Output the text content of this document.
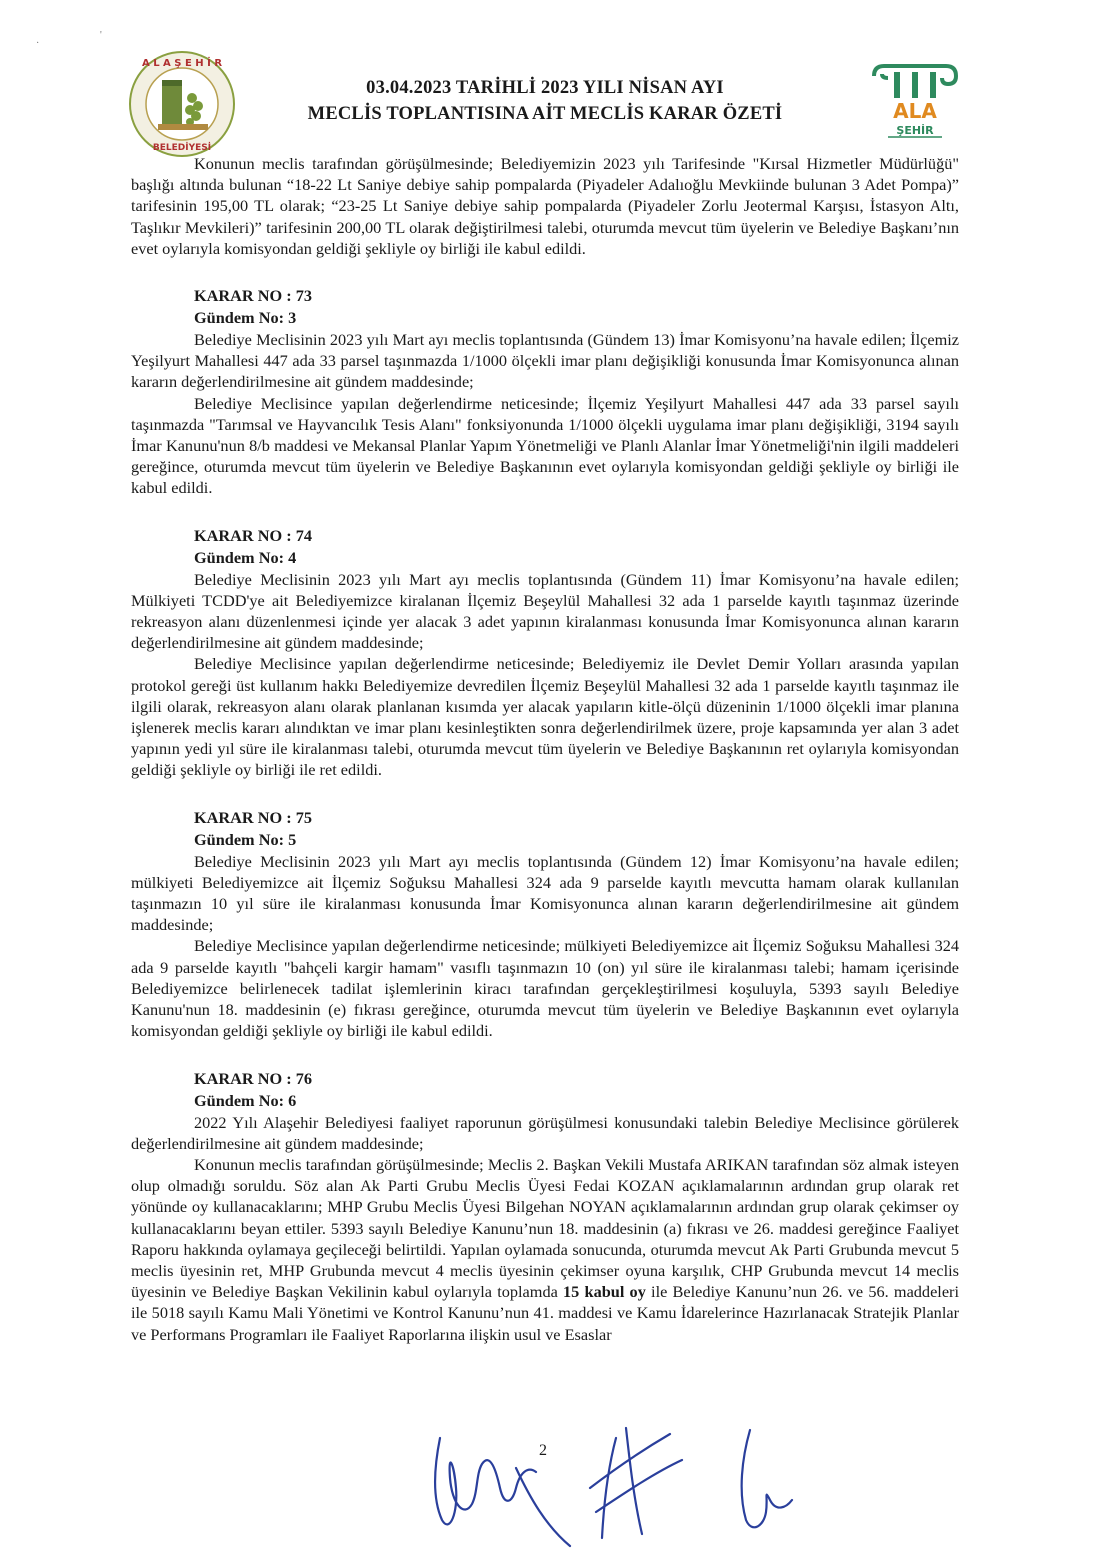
A L A Ş E H İ R
BELEDİYESİ
03.04.2023 TARİHLİ 2023 YILI NİSAN AYI
MECLİS TOPLANTISINA AİT MECLİS KARAR ÖZETİ	ALA
ŞEHİR
·
'

Konunun meclis tarafından görüşülmesinde; Belediyemizin 2023 yılı Tarifesinde "Kırsal Hizmetler Müdürlüğü" başlığı altında bulunan “18-22 Lt Saniye debiye sahip pompalarda (Piyadeler Adalıoğlu Mevkiinde bulunan 3 Adet Pompa)” tarifesinin 195,00 TL olarak; “23-25 Lt Saniye debiye sahip pompalarda (Piyadeler Zorlu Jeotermal Karşısı, İstasyon Altı, Taşlıkır Mevkileri)” tarifesinin 200,00 TL olarak değiştirilmesi talebi, oturumda mevcut tüm üyelerin ve Belediye Başkanı’nın evet oylarıyla komisyondan geldiği şekliyle oy birliği ile kabul edildi.

KARAR NO : 73
Gündem No: 3

Belediye Meclisinin 2023 yılı Mart ayı meclis toplantısında (Gündem 13) İmar Komisyonu’na havale edilen; İlçemiz Yeşilyurt Mahallesi 447 ada 33 parsel taşınmazda 1/1000 ölçekli imar planı değişikliği konusunda İmar Komisyonunca alınan kararın değerlendirilmesine ait gündem maddesinde;

Belediye Meclisince yapılan değerlendirme neticesinde; İlçemiz Yeşilyurt Mahallesi 447 ada 33 parsel sayılı taşınmazda "Tarımsal ve Hayvancılık Tesis Alanı" fonksiyonunda 1/1000 ölçekli uygulama imar planı değişikliği, 3194 sayılı İmar Kanunu'nun 8/b maddesi ve Mekansal Planlar Yapım Yönetmeliği ve Planlı Alanlar İmar Yönetmeliği'nin ilgili maddeleri gereğince, oturumda mevcut tüm üyelerin ve Belediye Başkanının evet oylarıyla komisyondan geldiği şekliyle oy birliği ile kabul edildi.

KARAR NO : 74
Gündem No: 4

Belediye Meclisinin 2023 yılı Mart ayı meclis toplantısında (Gündem 11) İmar Komisyonu’na havale edilen; Mülkiyeti TCDD'ye ait Belediyemizce kiralanan İlçemiz Beşeylül Mahallesi 32 ada 1 parselde kayıtlı taşınmaz üzerinde rekreasyon alanı düzenlenmesi içinde yer alacak 3 adet yapının kiralanması konusunda İmar Komisyonunca alınan kararın değerlendirilmesine ait gündem maddesinde;

Belediye Meclisince yapılan değerlendirme neticesinde; Belediyemiz ile Devlet Demir Yolları arasında yapılan protokol gereği üst kullanım hakkı Belediyemize devredilen İlçemiz Beşeylül Mahallesi 32 ada 1 parselde kayıtlı taşınmaz ile ilgili olarak, rekreasyon alanı olarak planlanan kısımda yer alacak yapıların kitle-ölçü düzeninin 1/1000 ölçekli imar planına işlenerek meclis kararı alındıktan ve imar planı kesinleştikten sonra değerlendirilmek üzere, proje kapsamında yer alan 3 adet yapının yedi yıl süre ile kiralanması talebi, oturumda mevcut tüm üyelerin ve Belediye Başkanının ret oylarıyla komisyondan geldiği şekliyle oy birliği ile ret edildi.

KARAR NO : 75
Gündem No: 5

Belediye Meclisinin 2023 yılı Mart ayı meclis toplantısında (Gündem 12) İmar Komisyonu’na havale edilen; mülkiyeti Belediyemizce ait İlçemiz Soğuksu Mahallesi 324 ada 9 parselde kayıtlı mevcutta hamam olarak kullanılan taşınmazın 10 yıl süre ile kiralanması konusunda İmar Komisyonunca alınan kararın değerlendirilmesine ait gündem maddesinde;

Belediye Meclisince yapılan değerlendirme neticesinde; mülkiyeti Belediyemizce ait İlçemiz Soğuksu Mahallesi 324 ada 9 parselde kayıtlı "bahçeli kargir hamam" vasıflı taşınmazın 10 (on) yıl süre ile kiralanması talebi; hamam içerisinde Belediyemizce belirlenecek tadilat işlemlerinin kiracı tarafından gerçekleştirilmesi koşuluyla, 5393 sayılı Belediye Kanunu'nun 18. maddesinin (e) fıkrası gereğince, oturumda mevcut tüm üyelerin ve Belediye Başkanının evet oylarıyla komisyondan geldiği şekliyle oy birliği ile kabul edildi.

KARAR NO : 76
Gündem No: 6

2022 Yılı Alaşehir Belediyesi faaliyet raporunun görüşülmesi konusundaki talebin Belediye Meclisince görülerek değerlendirilmesine ait gündem maddesinde;

Konunun meclis tarafından görüşülmesinde; Meclis 2. Başkan Vekili Mustafa ARIKAN tarafından söz almak isteyen olup olmadığı soruldu. Söz alan Ak Parti Grubu Meclis Üyesi Fedai KOZAN açıklamalarının ardından grup olarak ret yönünde oy kullanacaklarını; MHP Grubu Meclis Üyesi Bilgehan NOYAN açıklamalarının ardından grup olarak çekimser oy kullanacaklarını beyan ettiler. 5393 sayılı Belediye Kanunu’nun 18. maddesinin (a) fıkrası ve 26. maddesi gereğince Faaliyet Raporu hakkında oylamaya geçileceği belirtildi. Yapılan oylamada sonucunda, oturumda mevcut Ak Parti Grubunda mevcut 5 meclis üyesinin ret, MHP Grubunda mevcut 4 meclis üyesinin çekimser oyuna karşılık, CHP Grubunda mevcut 14 meclis üyesinin ve Belediye Başkan Vekilinin kabul oylarıyla toplamda 15 kabul oy ile Belediye Kanunu’nun 26. ve 56. maddeleri ile 5018 sayılı Kamu Mali Yönetimi ve Kontrol Kanunu’nun 41. maddesi ve Kamu İdarelerince Hazırlanacak Stratejik Planlar ve Performans Programları ile Faaliyet Raporlarına ilişkin usul ve Esaslar

2
